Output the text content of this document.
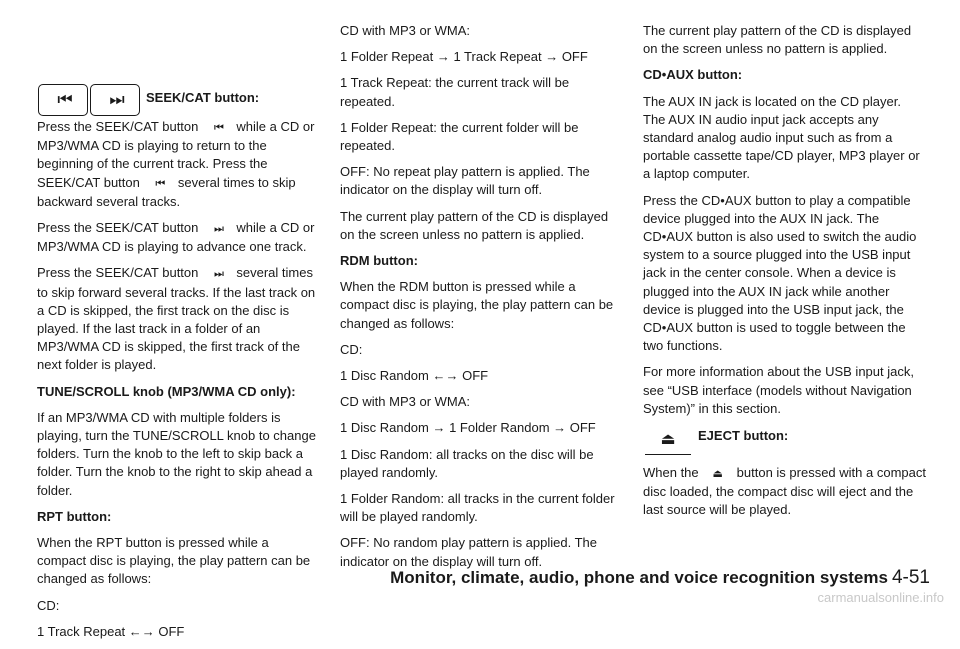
⏮ ⏭ SEEK/CAT button:

Press the SEEK/CAT button ⏮ while a CD or MP3/WMA CD is playing to return to the beginning of the current track. Press the SEEK/CAT button ⏮ several times to skip backward several tracks.

Press the SEEK/CAT button ⏭ while a CD or MP3/WMA CD is playing to advance one track.

Press the SEEK/CAT button ⏭ several times to skip forward several tracks. If the last track on a CD is skipped, the first track on the disc is played. If the last track in a folder of an MP3/WMA CD is skipped, the first track of the next folder is played.

TUNE/SCROLL knob (MP3/WMA CD only):

If an MP3/WMA CD with multiple folders is playing, turn the TUNE/SCROLL knob to change folders. Turn the knob to the left to skip back a folder. Turn the knob to the right to skip ahead a folder.

RPT button:

When the RPT button is pressed while a compact disc is playing, the play pattern can be changed as follows:

CD:

1 Track Repeat ←→ OFF

CD with MP3 or WMA:

1 Folder Repeat → 1 Track Repeat → OFF

1 Track Repeat: the current track will be repeated.

1 Folder Repeat: the current folder will be repeated.

OFF: No repeat play pattern is applied. The indicator on the display will turn off.

The current play pattern of the CD is displayed on the screen unless no pattern is applied.

RDM button:

When the RDM button is pressed while a compact disc is playing, the play pattern can be changed as follows:

CD:

1 Disc Random ←→ OFF

CD with MP3 or WMA:

1 Disc Random → 1 Folder Random → OFF

1 Disc Random: all tracks on the disc will be played randomly.

1 Folder Random: all tracks in the current folder will be played randomly.

OFF: No random play pattern is applied. The indicator on the display will turn off.

The current play pattern of the CD is displayed on the screen unless no pattern is applied.

CD•AUX button:

The AUX IN jack is located on the CD player. The AUX IN audio input jack accepts any standard analog audio input such as from a portable cassette tape/CD player, MP3 player or a laptop computer.

Press the CD•AUX button to play a compatible device plugged into the AUX IN jack. The CD•AUX button is also used to switch the audio system to a source plugged into the USB input jack in the center console. When a device is plugged into the AUX IN jack while another device is plugged into the USB input jack, the CD•AUX button is used to toggle between the two functions.

For more information about the USB input jack, see “USB interface (models without Navigation System)” in this section.

⏏ EJECT button:

When the ⏏ button is pressed with a compact disc loaded, the compact disc will eject and the last source will be played.

Monitor, climate, audio, phone and voice recognition systems 4-51
carmanualsonline.info
